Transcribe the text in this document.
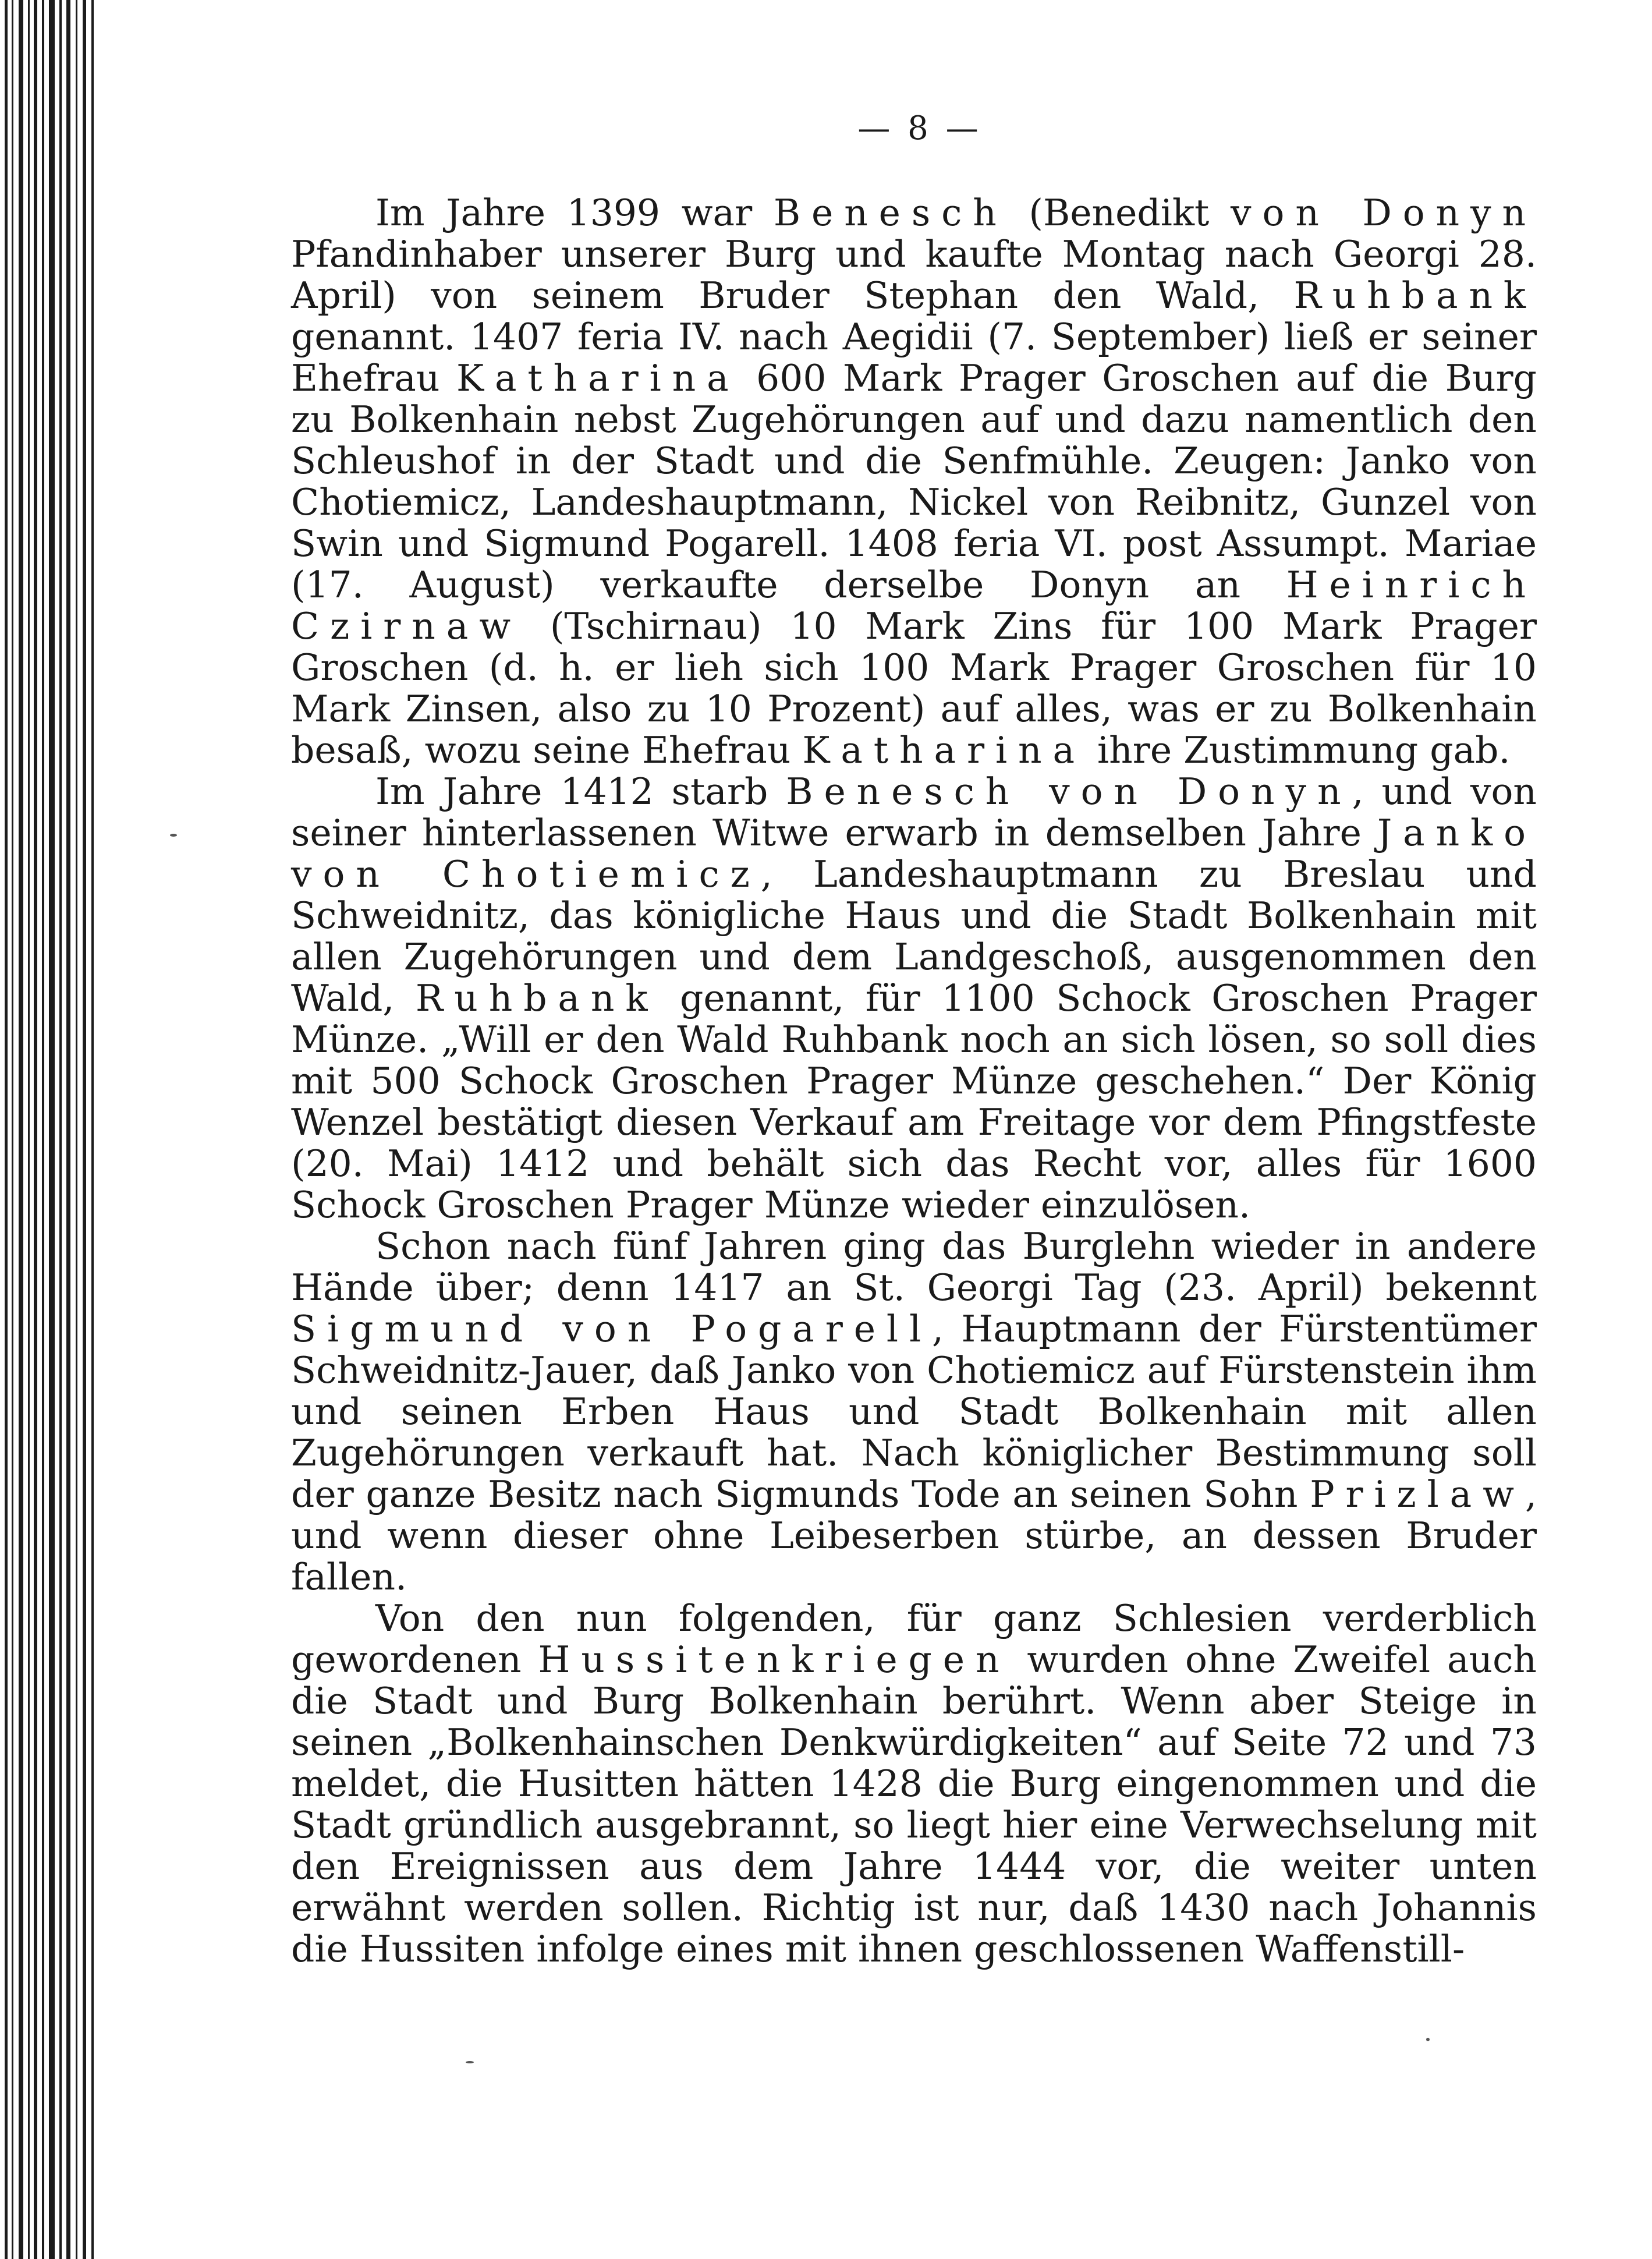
— 8 —

Im Jahre 1399 war Benesch (Benedikt von Donyn Pfandinhaber unserer Burg und kaufte Montag nach Georgi 28. April) von seinem Bruder Stephan den Wald, Ruhbank genannt. 1407 feria IV. nach Aegidii (7. September) ließ er seiner Ehefrau Katharina 600 Mark Prager Groschen auf die Burg zu Bolkenhain nebst Zugehörungen auf und dazu namentlich den Schleushof in der Stadt und die Senfmühle. Zeugen: Janko von Chotiemicz, Landeshauptmann, Nickel von Reibnitz, Gunzel von Swin und Sigmund Pogarell. 1408 feria VI. post Assumpt. Mariae (17. August) verkaufte derselbe Donyn an Heinrich Czirnaw (Tschirnau) 10 Mark Zins für 100 Mark Prager Groschen (d. h. er lieh sich 100 Mark Prager Groschen für 10 Mark Zinsen, also zu 10 Prozent) auf alles, was er zu Bolkenhain besaß, wozu seine Ehefrau Katharina ihre Zustimmung gab.

Im Jahre 1412 starb Benesch von Donyn, und von seiner hinterlassenen Witwe erwarb in demselben Jahre Janko von Chotiemicz, Landeshauptmann zu Breslau und Schweidnitz, das königliche Haus und die Stadt Bolkenhain mit allen Zugehörungen und dem Landgeschoß, ausgenommen den Wald, Ruhbank genannt, für 1100 Schock Groschen Prager Münze. „Will er den Wald Ruhbank noch an sich lösen, so soll dies mit 500 Schock Groschen Prager Münze geschehen.“ Der König Wenzel bestätigt diesen Verkauf am Freitage vor dem Pfingstfeste (20. Mai) 1412 und behält sich das Recht vor, alles für 1600 Schock Groschen Prager Münze wieder einzulösen.

Schon nach fünf Jahren ging das Burglehn wieder in andere Hände über; denn 1417 an St. Georgi Tag (23. April) bekennt Sigmund von Pogarell, Hauptmann der Fürstentümer Schweidnitz-Jauer, daß Janko von Chotiemicz auf Fürstenstein ihm und seinen Erben Haus und Stadt Bolkenhain mit allen Zugehörungen verkauft hat. Nach königlicher Bestimmung soll der ganze Besitz nach Sigmunds Tode an seinen Sohn Prizlaw, und wenn dieser ohne Leibeserben stürbe, an dessen Bruder fallen.

Von den nun folgenden, für ganz Schlesien verderblich gewordenen Hussitenkriegen wurden ohne Zweifel auch die Stadt und Burg Bolkenhain berührt. Wenn aber Steige in seinen „Bolkenhainschen Denkwürdigkeiten“ auf Seite 72 und 73 meldet, die Husitten hätten 1428 die Burg eingenommen und die Stadt gründlich ausgebrannt, so liegt hier eine Verwechselung mit den Ereignissen aus dem Jahre 1444 vor, die weiter unten erwähnt werden sollen. Richtig ist nur, daß 1430 nach Johannis die Hussiten infolge eines mit ihnen geschlossenen Waffenstill-
